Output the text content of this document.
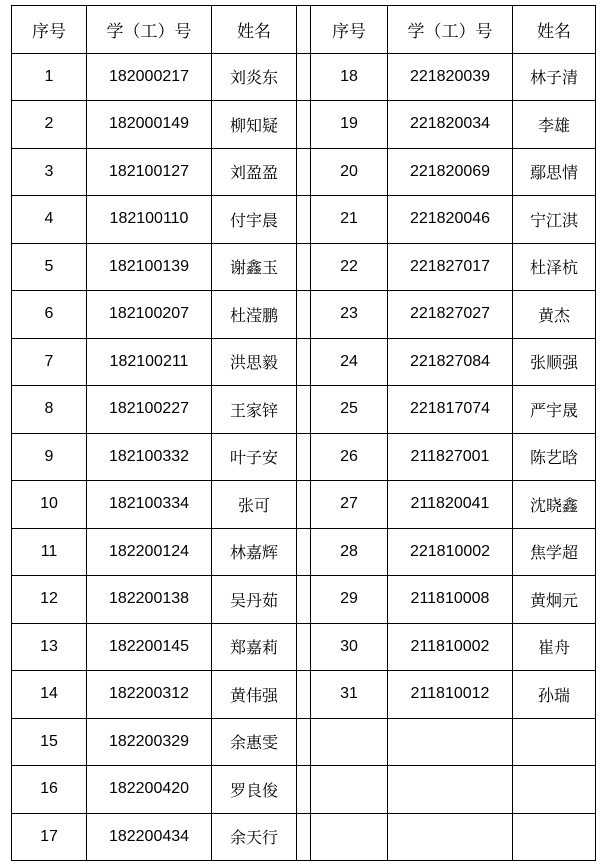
序号	学（工）号	姓名		序号	学（工）号	姓名
1	182000217	刘炎东		18	221820039	林子清
2	182000149	柳知疑		19	221820034	李雄
3	182100127	刘盈盈		20	221820069	鄢思情
4	182100110	付宇晨		21	221820046	宁江淇
5	182100139	谢鑫玉		22	221827017	杜泽杭
6	182100207	杜滢鹏		23	221827027	黄杰
7	182100211	洪思毅		24	221827084	张顺强
8	182100227	王家锌		25	221817074	严宇晟
9	182100332	叶子安		26	211827001	陈艺晗
10	182100334	张可		27	211820041	沈晓鑫
11	182200124	林嘉辉		28	221810002	焦学超
12	182200138	吴丹茹		29	211810008	黄炯元
13	182200145	郑嘉莉		30	211810002	崔舟
14	182200312	黄伟强		31	211810012	孙瑞
15	182200329	余惠雯				
16	182200420	罗良俊				
17	182200434	余天行				
